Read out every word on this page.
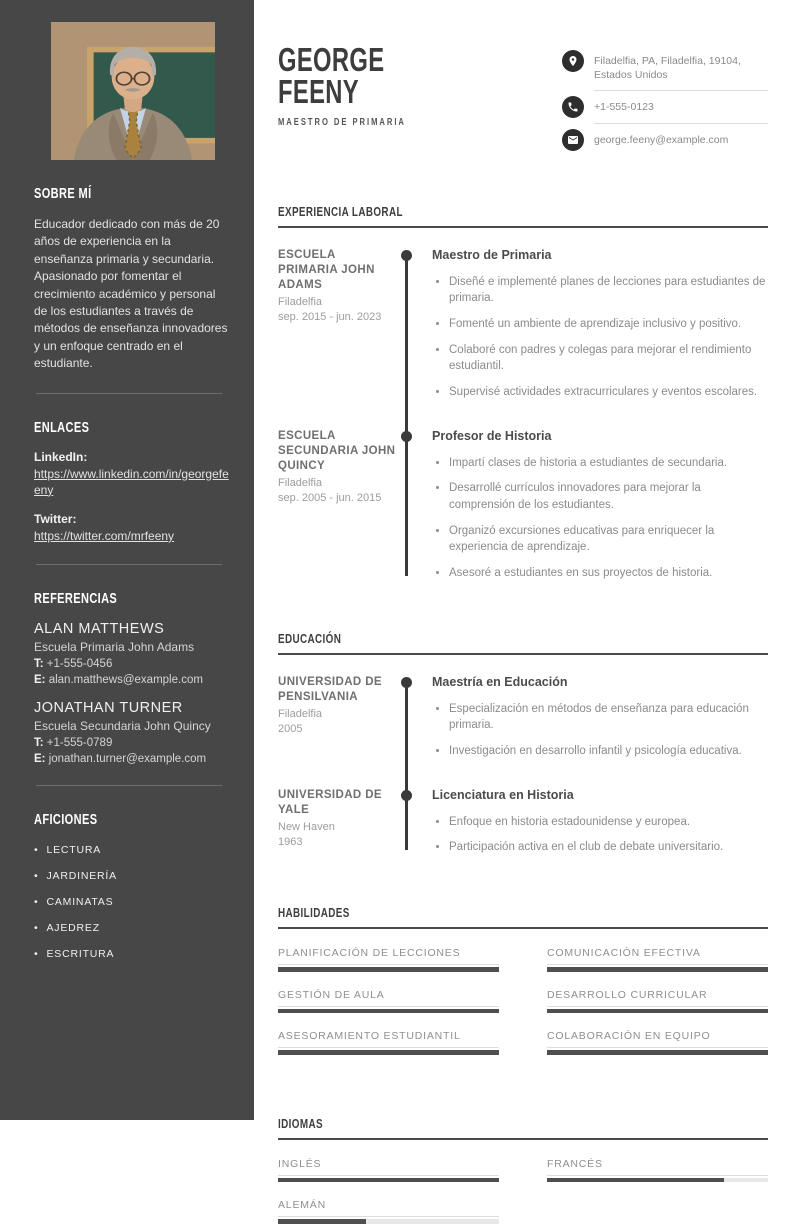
SOBRE MÍ

Educador dedicado con más de 20 años de experiencia en la enseñanza primaria y secundaria. Apasionado por fomentar el crecimiento académico y personal de los estudiantes a través de métodos de enseñanza innovadores y un enfoque centrado en el estudiante.

ENLACES
LinkedIn:
https://www.linkedin.com/in/georgefeeny
Twitter:
https://twitter.com/mrfeeny
REFERENCIAS
ALAN MATTHEWS
Escuela Primaria John Adams
T: +1-555-0456
E: alan.matthews@example.com
JONATHAN TURNER
Escuela Secundaria John Quincy
T: +1-555-0789
E: jonathan.turner@example.com
AFICIONES
• LECTURA
• JARDINERÍA
• CAMINATAS
• AJEDREZ
• ESCRITURA
GEORGE
FEENY
MAESTRO DE PRIMARIA
Filadelfia, PA, Filadelfia, 19104, Estados Unidos
+1-555-0123
george.feeny@example.com
EXPERIENCIA LABORAL
ESCUELA PRIMARIA JOHN ADAMS
Filadelfia
sep. 2015 - jun. 2023
Maestro de Primaria
• Diseñé e implementé planes de lecciones para estudiantes de primaria.
• Fomenté un ambiente de aprendizaje inclusivo y positivo.
• Colaboré con padres y colegas para mejorar el rendimiento estudiantil.
• Supervisé actividades extracurriculares y eventos escolares.
ESCUELA SECUNDARIA JOHN QUINCY
Filadelfia
sep. 2005 - jun. 2015
Profesor de Historia
• Impartí clases de historia a estudiantes de secundaria.
• Desarrollé currículos innovadores para mejorar la comprensión de los estudiantes.
• Organizó excursiones educativas para enriquecer la experiencia de aprendizaje.
• Asesoré a estudiantes en sus proyectos de historia.
EDUCACIÓN
UNIVERSIDAD DE PENSILVANIA
Filadelfia
2005
Maestría en Educación
• Especialización en métodos de enseñanza para educación primaria.
• Investigación en desarrollo infantil y psicología educativa.
UNIVERSIDAD DE YALE
New Haven
1963
Licenciatura en Historia
• Enfoque en historia estadounidense y europea.
• Participación activa en el club de debate universitario.
HABILIDADES
PLANIFICACIÓN DE LECCIONES	COMUNICACIÓN EFECTIVA
GESTIÓN DE AULA	DESARROLLO CURRICULAR
ASESORAMIENTO ESTUDIANTIL	COLABORACIÓN EN EQUIPO
IDIOMAS
INGLÉS	FRANCÉS
ALEMÁN
